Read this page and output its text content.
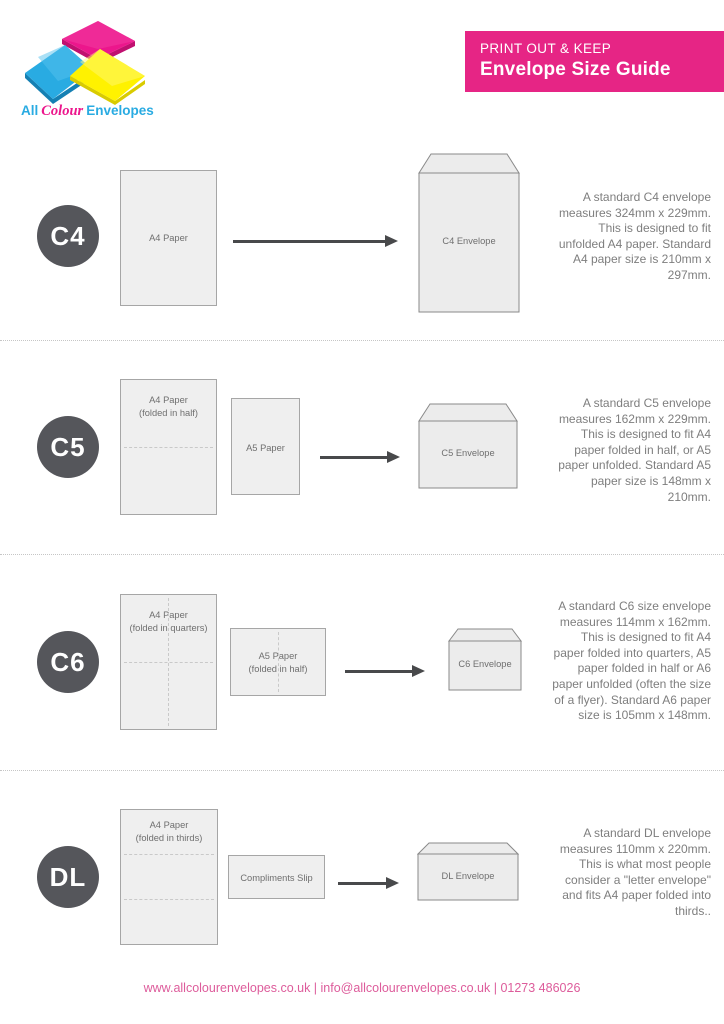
All Colour Envelopes
PRINT OUT & KEEP
Envelope Size Guide
C4	A4 Paper	C4 Envelope
A standard C4 envelope measures 324mm x 229mm. This is designed to fit unfolded A4 paper. Standard A4 paper size is 210mm x 297mm.
C5
A4 Paper
(folded in half)
A5 Paper	C5 Envelope
A standard C5 envelope measures 162mm x 229mm. This is designed to fit A4 paper folded in half, or A5 paper unfolded. Standard A5 paper size is 148mm x 210mm.
C6
A4 Paper
(folded in quarters)
A5 Paper
(folded in half)	C6 Envelope
A standard C6 size envelope measures 114mm x 162mm. This is designed to fit A4 paper folded into quarters, A5 paper folded in half or A6 paper unfolded (often the size of a flyer). Standard A6 paper size is 105mm x 148mm.
DL
A4 Paper
(folded in thirds)
Compliments Slip	DL Envelope
A standard DL envelope measures 110mm x 220mm. This is what most people consider a "letter envelope" and fits A4 paper folded into thirds..
www.allcolourenvelopes.co.uk | info@allcolourenvelopes.co.uk | 01273 486026
